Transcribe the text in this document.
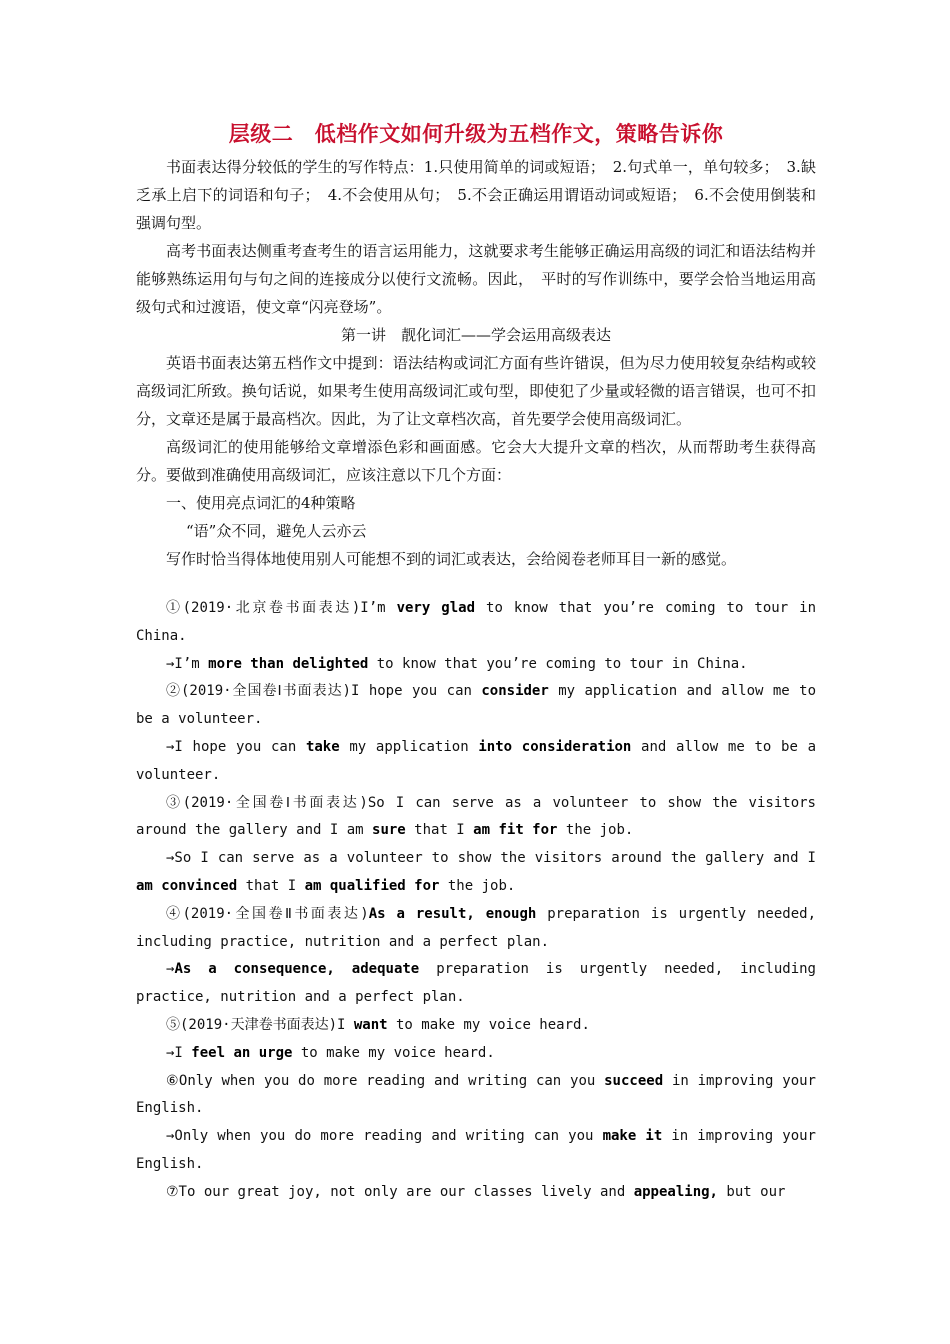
层级二　低档作文如何升级为五档作文，策略告诉你

书面表达得分较低的学生的写作特点：1.只使用简单的词或短语；　2.句式单一，单句较多；　3.缺乏承上启下的词语和句子；　4.不会使用从句；　5.不会正确运用谓语动词或短语；　6.不会使用倒装和强调句型。

高考书面表达侧重考查考生的语言运用能力，这就要求考生能够正确运用高级的词汇和语法结构并能够熟练运用句与句之间的连接成分以使行文流畅。因此，　平时的写作训练中，要学会恰当地运用高级句式和过渡语，使文章“闪亮登场”。

第一讲　靓化词汇——学会运用高级表达

英语书面表达第五档作文中提到：语法结构或词汇方面有些许错误，但为尽力使用较复杂结构或较高级词汇所致。换句话说，如果考生使用高级词汇或句型，即使犯了少量或轻微的语言错误，也可不扣分，文章还是属于最高档次。因此，为了让文章档次高，首先要学会使用高级词汇。

高级词汇的使用能够给文章增添色彩和画面感。它会大大提升文章的档次，从而帮助考生获得高分。要做到准确使用高级词汇，应该注意以下几个方面：

一、使用亮点词汇的4种策略

“语”众不同，避免人云亦云

写作时恰当得体地使用别人可能想不到的词汇或表达，会给阅卷老师耳目一新的感觉。

①(2019·北京卷书面表达)I’m very glad to know that you’re coming to tour in China.

→I’m more than delighted to know that you’re coming to tour in China.

②(2019·全国卷Ⅰ书面表达)I hope you can consider my application and allow me to be a volunteer.

→I hope you can take my application into consideration and allow me to be a volunteer.

③(2019·全国卷Ⅰ书面表达)So I can serve as a volunteer to show the visitors around the gallery and I am sure that I am fit for the job.

→So I can serve as a volunteer to show the visitors around the gallery and I am convinced that I am qualified for the job.

④(2019·全国卷Ⅱ书面表达)As a result, enough preparation is urgently needed, including practice, nutrition and a perfect plan.

→As a consequence, adequate preparation is urgently needed, including practice, nutrition and a perfect plan.

⑤(2019·天津卷书面表达)I want to make my voice heard.

→I feel an urge to make my voice heard.

⑥Only when you do more reading and writing can you succeed in improving your English.

→Only when you do more reading and writing can you make it in improving your English.

⑦To our great joy, not only are our classes lively and appealing, but our
